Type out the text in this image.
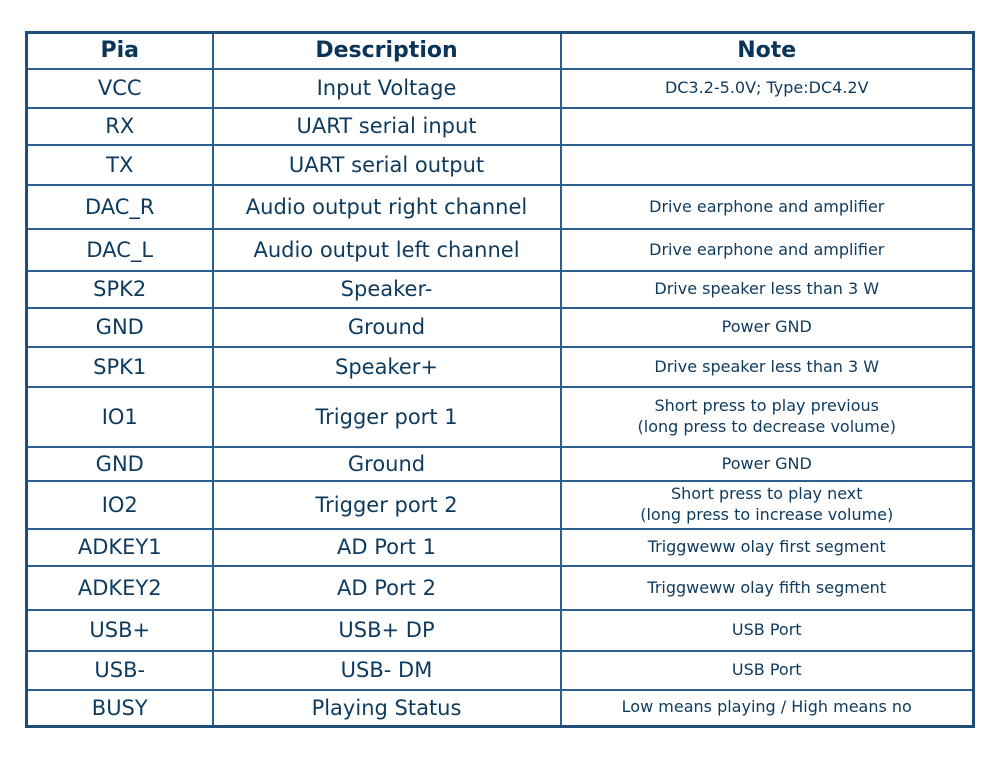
Pia	Description	Note
VCC	Input Voltage	DC3.2-5.0V; Type:DC4.2V

RX	UART serial input	
TX	UART serial output	
DAC_R	Audio output right channel	Drive earphone and amplifier

DAC_L	Audio output left channel	Drive earphone and amplifier

SPK2	Speaker-	Drive speaker less than 3 W

GND	Ground	Power GND

SPK1	Speaker+	Drive speaker less than 3 W

IO1	Trigger port 1	Short press to play previous
(long press to decrease volume)

GND	Ground	Power GND

IO2	Trigger port 2	Short press to play next
(long press to increase volume)

ADKEY1	AD Port 1	Triggweww olay first segment

ADKEY2	AD Port 2	Triggweww olay fifth segment

USB+	USB+ DP	USB Port

USB-	USB- DM	USB Port

BUSY	Playing Status	Low means playing / High means no
